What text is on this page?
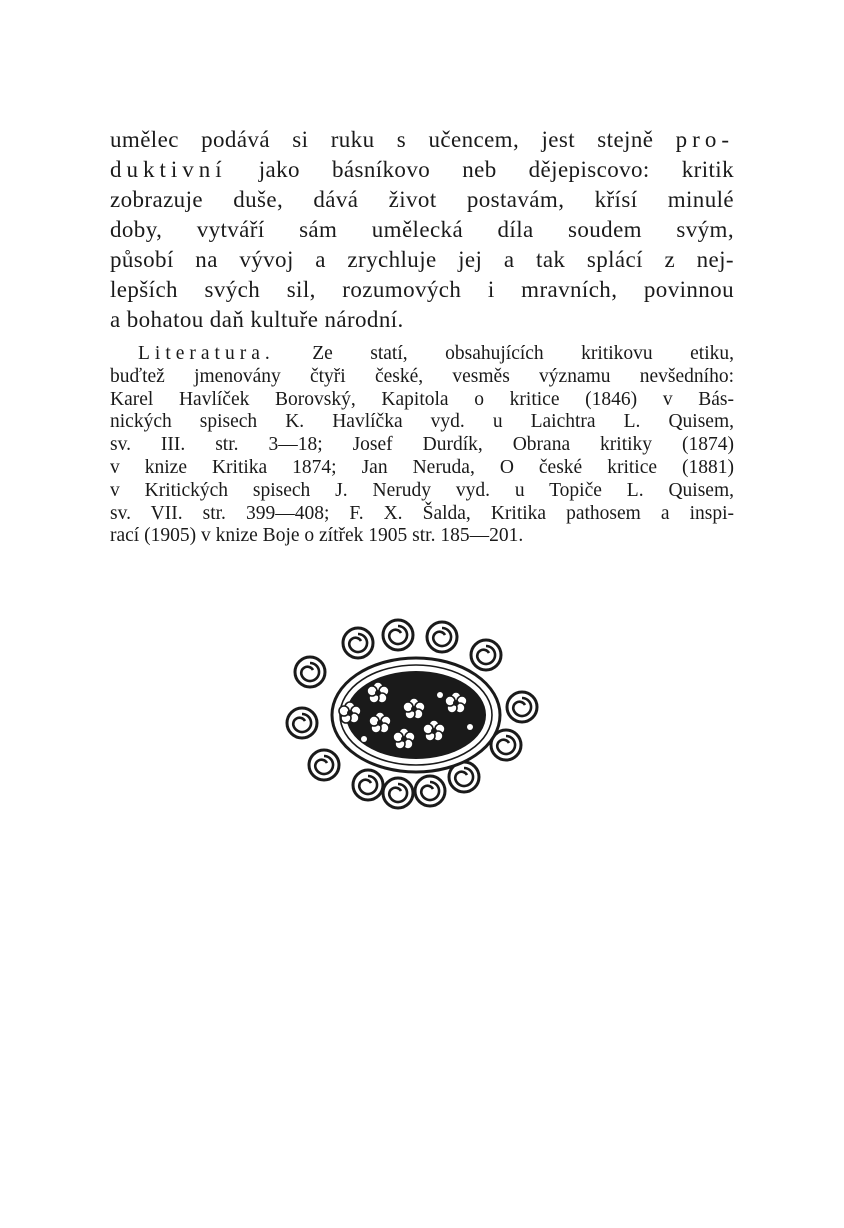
umělec podává si ruku s učencem, jest stejně pro-
duktivní jako básníkovo neb dějepiscovo: kritik
zobrazuje duše, dává život postavám, křísí minulé
doby, vytváří sám umělecká díla soudem svým,
působí na vývoj a zrychluje jej a tak splácí z nej-
lepších svých sil, rozumových i mravních, povinnou
a bohatou daň kultuře národní.
Literatura. Ze statí, obsahujících kritikovu etiku,
buďtež jmenovány čtyři české, vesměs významu nevšedního:
Karel Havlíček Borovský, Kapitola o kritice (1846) v Bás-
nických spisech K. Havlíčka vyd. u Laichtra L. Quisem,
sv. III. str. 3—18; Josef Durdík, Obrana kritiky (1874)
v knize Kritika 1874; Jan Neruda, O české kritice (1881)
v Kritických spisech J. Nerudy vyd. u Topiče L. Quisem,
sv. VII. str. 399—408; F. X. Šalda, Kritika pathosem a inspi-
rací (1905) v knize Boje o zítřek 1905 str. 185—201.
